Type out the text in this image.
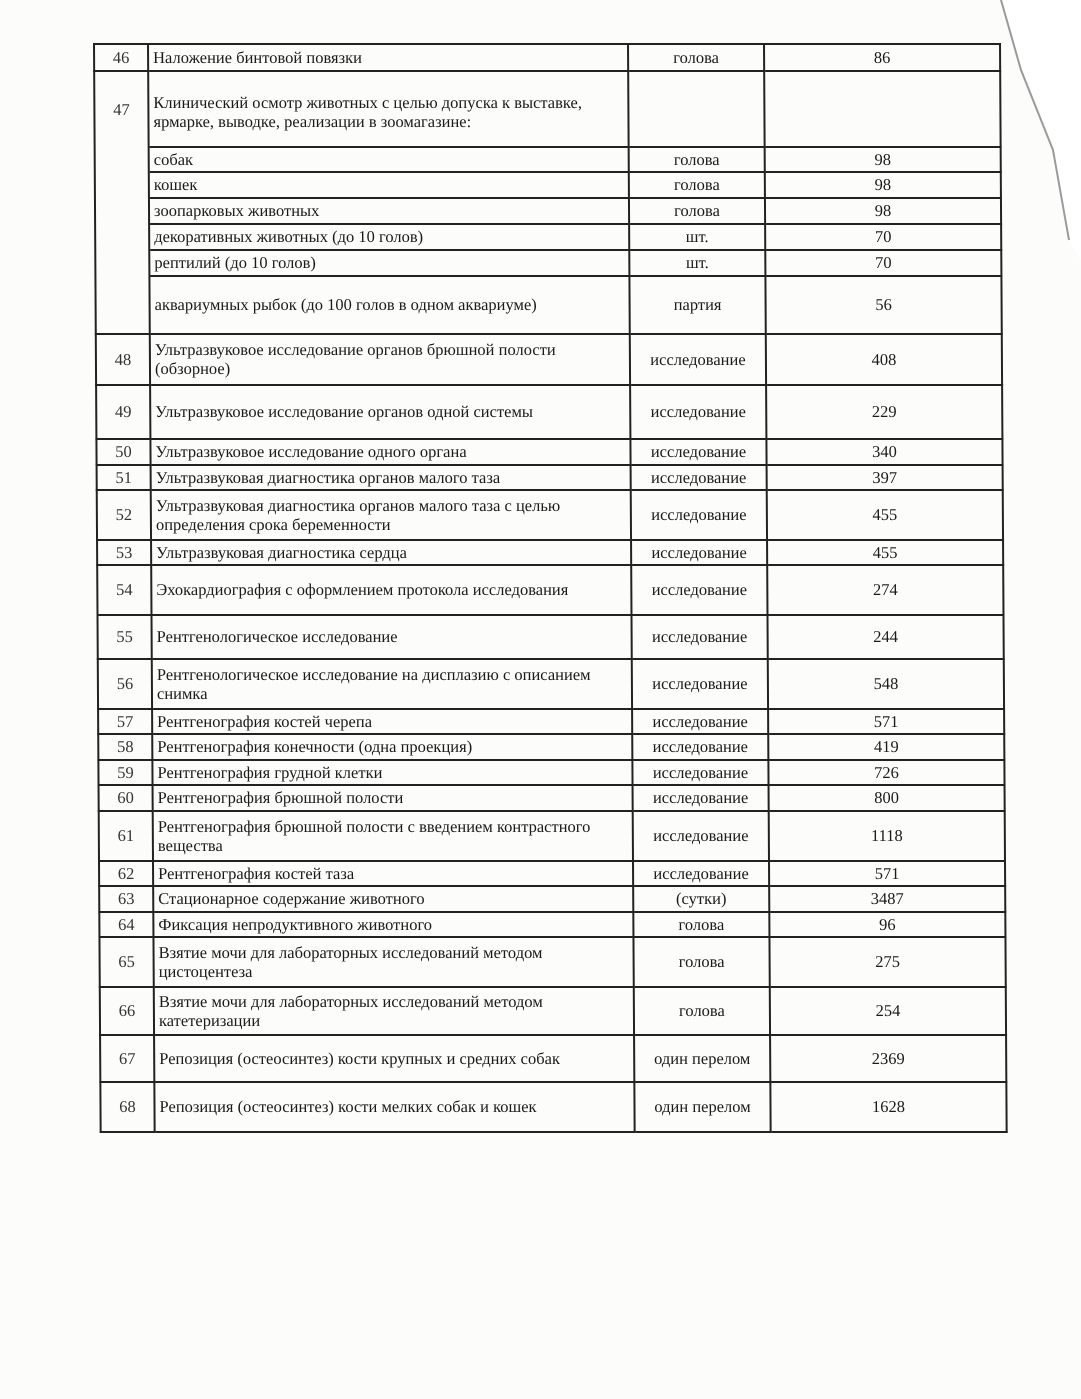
46	Наложение бинтовой повязки	голова	86
47	Клинический осмотр животных с целью допуска к выставке, ярмарке, выводке, реализации в зоомагазине:		
	собак	голова	98
	кошек	голова	98
	зоопарковых животных	голова	98
	декоративных животных (до 10 голов)	шт.	70
	рептилий (до 10 голов)	шт.	70
	аквариумных рыбок (до 100 голов в одном аквариуме)	партия	56
48	Ультразвуковое исследование органов брюшной полости (обзорное)	исследование	408
49	Ультразвуковое исследование органов одной системы	исследование	229
50	Ультразвуковое исследование одного органа	исследование	340
51	Ультразвуковая диагностика органов малого таза	исследование	397
52	Ультразвуковая диагностика органов малого таза с целью определения срока беременности	исследование	455
53	Ультразвуковая диагностика сердца	исследование	455
54	Эхокардиография с оформлением протокола исследования	исследование	274
55	Рентгенологическое исследование	исследование	244
56	Рентгенологическое исследование на дисплазию с описанием снимка	исследование	548
57	Рентгенография костей черепа	исследование	571
58	Рентгенография конечности (одна проекция)	исследование	419
59	Рентгенография грудной клетки	исследование	726
60	Рентгенография брюшной полости	исследование	800
61	Рентгенография брюшной полости с введением контрастного вещества	исследование	1118
62	Рентгенография костей таза	исследование	571
63	Стационарное содержание животного	(сутки)	3487
64	Фиксация непродуктивного животного	голова	96
65	Взятие мочи для лабораторных исследований методом цистоцентеза	голова	275
66	Взятие мочи для лабораторных исследований методом катетеризации	голова	254
67	Репозиция (остеосинтез) кости крупных и средних собак	один перелом	2369
68	Репозиция (остеосинтез) кости мелких собак и кошек	один перелом	1628
